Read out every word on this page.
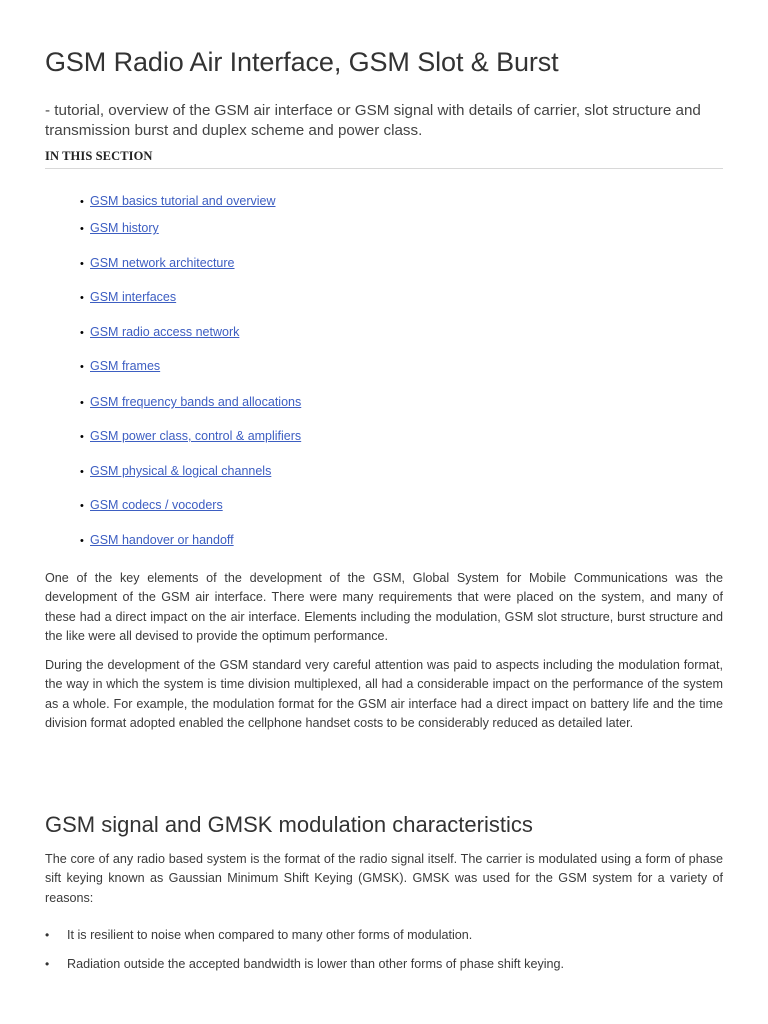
GSM Radio Air Interface, GSM Slot & Burst
- tutorial, overview of the GSM air interface or GSM signal with details of carrier, slot structure and transmission burst and duplex scheme and power class.
IN THIS SECTION
• GSM basics tutorial and overview
• GSM history
• GSM network architecture
• GSM interfaces
• GSM radio access network
• GSM frames
• GSM frequency bands and allocations
• GSM power class, control & amplifiers
• GSM physical & logical channels
• GSM codecs / vocoders
• GSM handover or handoff

One of the key elements of the development of the GSM, Global System for Mobile Communications was the development of the GSM air interface. There were many requirements that were placed on the system, and many of these had a direct impact on the air interface. Elements including the modulation, GSM slot structure, burst structure and the like were all devised to provide the optimum performance.

During the development of the GSM standard very careful attention was paid to aspects including the modulation format, the way in which the system is time division multiplexed, all had a considerable impact on the performance of the system as a whole. For example, the modulation format for the GSM air interface had a direct impact on battery life and the time division format adopted enabled the cellphone handset costs to be considerably reduced as detailed later.

GSM signal and GMSK modulation characteristics

The core of any radio based system is the format of the radio signal itself. The carrier is modulated using a form of phase sift keying known as Gaussian Minimum Shift Keying (GMSK). GMSK was used for the GSM system for a variety of reasons:

• It is resilient to noise when compared to many other forms of modulation.
• Radiation outside the accepted bandwidth is lower than other forms of phase shift keying.
